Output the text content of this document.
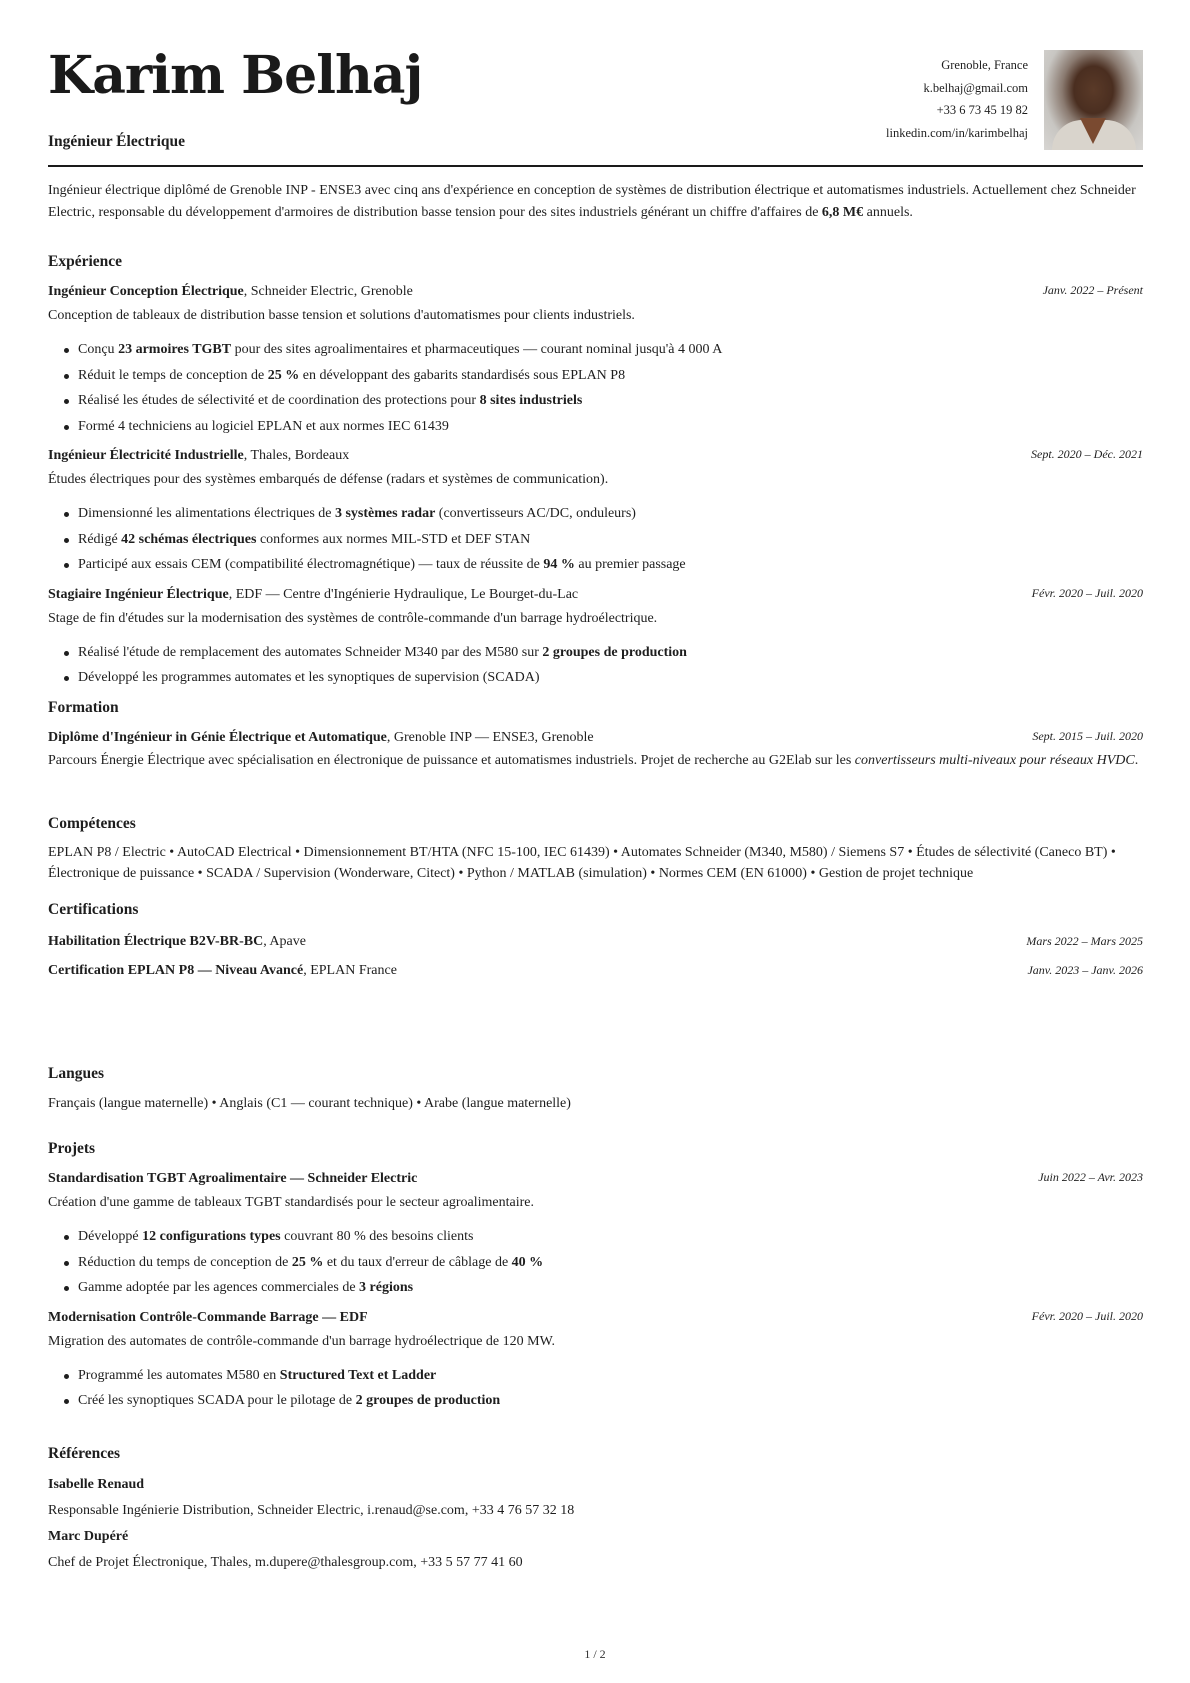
Karim Belhaj
Ingénieur Électrique
Grenoble, France
k.belhaj@gmail.com
+33 6 73 45 19 82
linkedin.com/in/karimbelhaj
Ingénieur électrique diplômé de Grenoble INP - ENSE3 avec cinq ans d'expérience en conception de systèmes de distribution électrique et automatismes industriels. Actuellement chez Schneider Electric, responsable du développement d'armoires de distribution basse tension pour des sites industriels générant un chiffre d'affaires de 6,8 M€ annuels.
Expérience
Ingénieur Conception Électrique, Schneider Electric, Grenoble	Janv. 2022 – Présent
Conception de tableaux de distribution basse tension et solutions d'automatismes pour clients industriels.
Conçu 23 armoires TGBT pour des sites agroalimentaires et pharmaceutiques — courant nominal jusqu'à 4 000 A
Réduit le temps de conception de 25 % en développant des gabarits standardisés sous EPLAN P8
Réalisé les études de sélectivité et de coordination des protections pour 8 sites industriels
Formé 4 techniciens au logiciel EPLAN et aux normes IEC 61439
Ingénieur Électricité Industrielle, Thales, Bordeaux	Sept. 2020 – Déc. 2021
Études électriques pour des systèmes embarqués de défense (radars et systèmes de communication).
Dimensionné les alimentations électriques de 3 systèmes radar (convertisseurs AC/DC, onduleurs)
Rédigé 42 schémas électriques conformes aux normes MIL-STD et DEF STAN
Participé aux essais CEM (compatibilité électromagnétique) — taux de réussite de 94 % au premier passage
Stagiaire Ingénieur Électrique, EDF — Centre d'Ingénierie Hydraulique, Le Bourget-du-Lac	Févr. 2020 – Juil. 2020
Stage de fin d'études sur la modernisation des systèmes de contrôle-commande d'un barrage hydroélectrique.
Réalisé l'étude de remplacement des automates Schneider M340 par des M580 sur 2 groupes de production
Développé les programmes automates et les synoptiques de supervision (SCADA)
Formation
Diplôme d'Ingénieur in Génie Électrique et Automatique, Grenoble INP — ENSE3, Grenoble	Sept. 2015 – Juil. 2020
Parcours Énergie Électrique avec spécialisation en électronique de puissance et automatismes industriels. Projet de recherche au G2Elab sur les convertisseurs multi-niveaux pour réseaux HVDC.
Compétences
EPLAN P8 / Electric • AutoCAD Electrical • Dimensionnement BT/HTA (NFC 15-100, IEC 61439) • Automates Schneider (M340, M580) / Siemens S7 • Études de sélectivité (Caneco BT) • Électronique de puissance • SCADA / Supervision (Wonderware, Citect) • Python / MATLAB (simulation) • Normes CEM (EN 61000) • Gestion de projet technique
Certifications
Habilitation Électrique B2V-BR-BC, Apave	Mars 2022 – Mars 2025
Certification EPLAN P8 — Niveau Avancé, EPLAN France	Janv. 2023 – Janv. 2026
Langues
Français (langue maternelle) • Anglais (C1 — courant technique) • Arabe (langue maternelle)
Projets
Standardisation TGBT Agroalimentaire — Schneider Electric	Juin 2022 – Avr. 2023
Création d'une gamme de tableaux TGBT standardisés pour le secteur agroalimentaire.
Développé 12 configurations types couvrant 80 % des besoins clients
Réduction du temps de conception de 25 % et du taux d'erreur de câblage de 40 %
Gamme adoptée par les agences commerciales de 3 régions
Modernisation Contrôle-Commande Barrage — EDF	Févr. 2020 – Juil. 2020
Migration des automates de contrôle-commande d'un barrage hydroélectrique de 120 MW.
Programmé les automates M580 en Structured Text et Ladder
Créé les synoptiques SCADA pour le pilotage de 2 groupes de production
Références
Isabelle Renaud
Responsable Ingénierie Distribution, Schneider Electric, i.renaud@se.com, +33 4 76 57 32 18
Marc Dupéré
Chef de Projet Électronique, Thales, m.dupere@thalesgroup.com, +33 5 57 77 41 60
1 / 2
